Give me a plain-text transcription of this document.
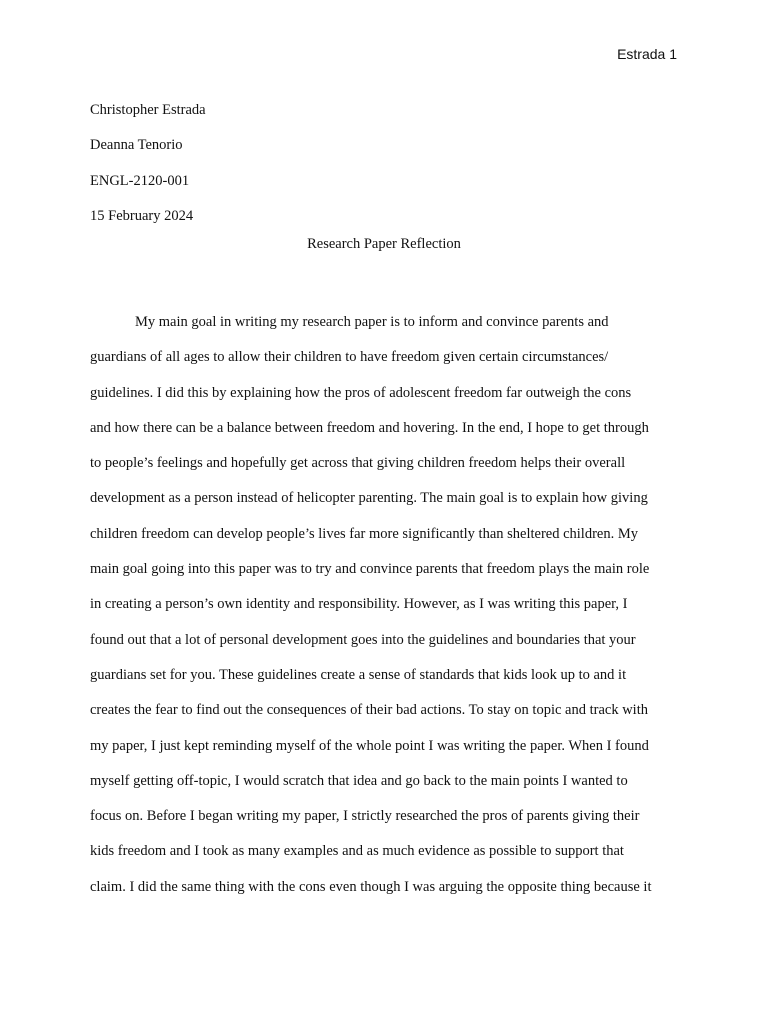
Estrada 1
Christopher Estrada
Deanna Tenorio
ENGL-2120-001
15 February 2024
Research Paper Reflection
My main goal in writing my research paper is to inform and convince parents and
guardians of all ages to allow their children to have freedom given certain circumstances/
guidelines. I did this by explaining how the pros of adolescent freedom far outweigh the cons
and how there can be a balance between freedom and hovering. In the end, I hope to get through
to people’s feelings and hopefully get across that giving children freedom helps their overall
development as a person instead of helicopter parenting. The main goal is to explain how giving
children freedom can develop people’s lives far more significantly than sheltered children. My
main goal going into this paper was to try and convince parents that freedom plays the main role
in creating a person’s own identity and responsibility. However, as I was writing this paper, I
found out that a lot of personal development goes into the guidelines and boundaries that your
guardians set for you. These guidelines create a sense of standards that kids look up to and it
creates the fear to find out the consequences of their bad actions. To stay on topic and track with
my paper, I just kept reminding myself of the whole point I was writing the paper. When I found
myself getting off-topic, I would scratch that idea and go back to the main points I wanted to
focus on. Before I began writing my paper, I strictly researched the pros of parents giving their
kids freedom and I took as many examples and as much evidence as possible to support that
claim. I did the same thing with the cons even though I was arguing the opposite thing because it
